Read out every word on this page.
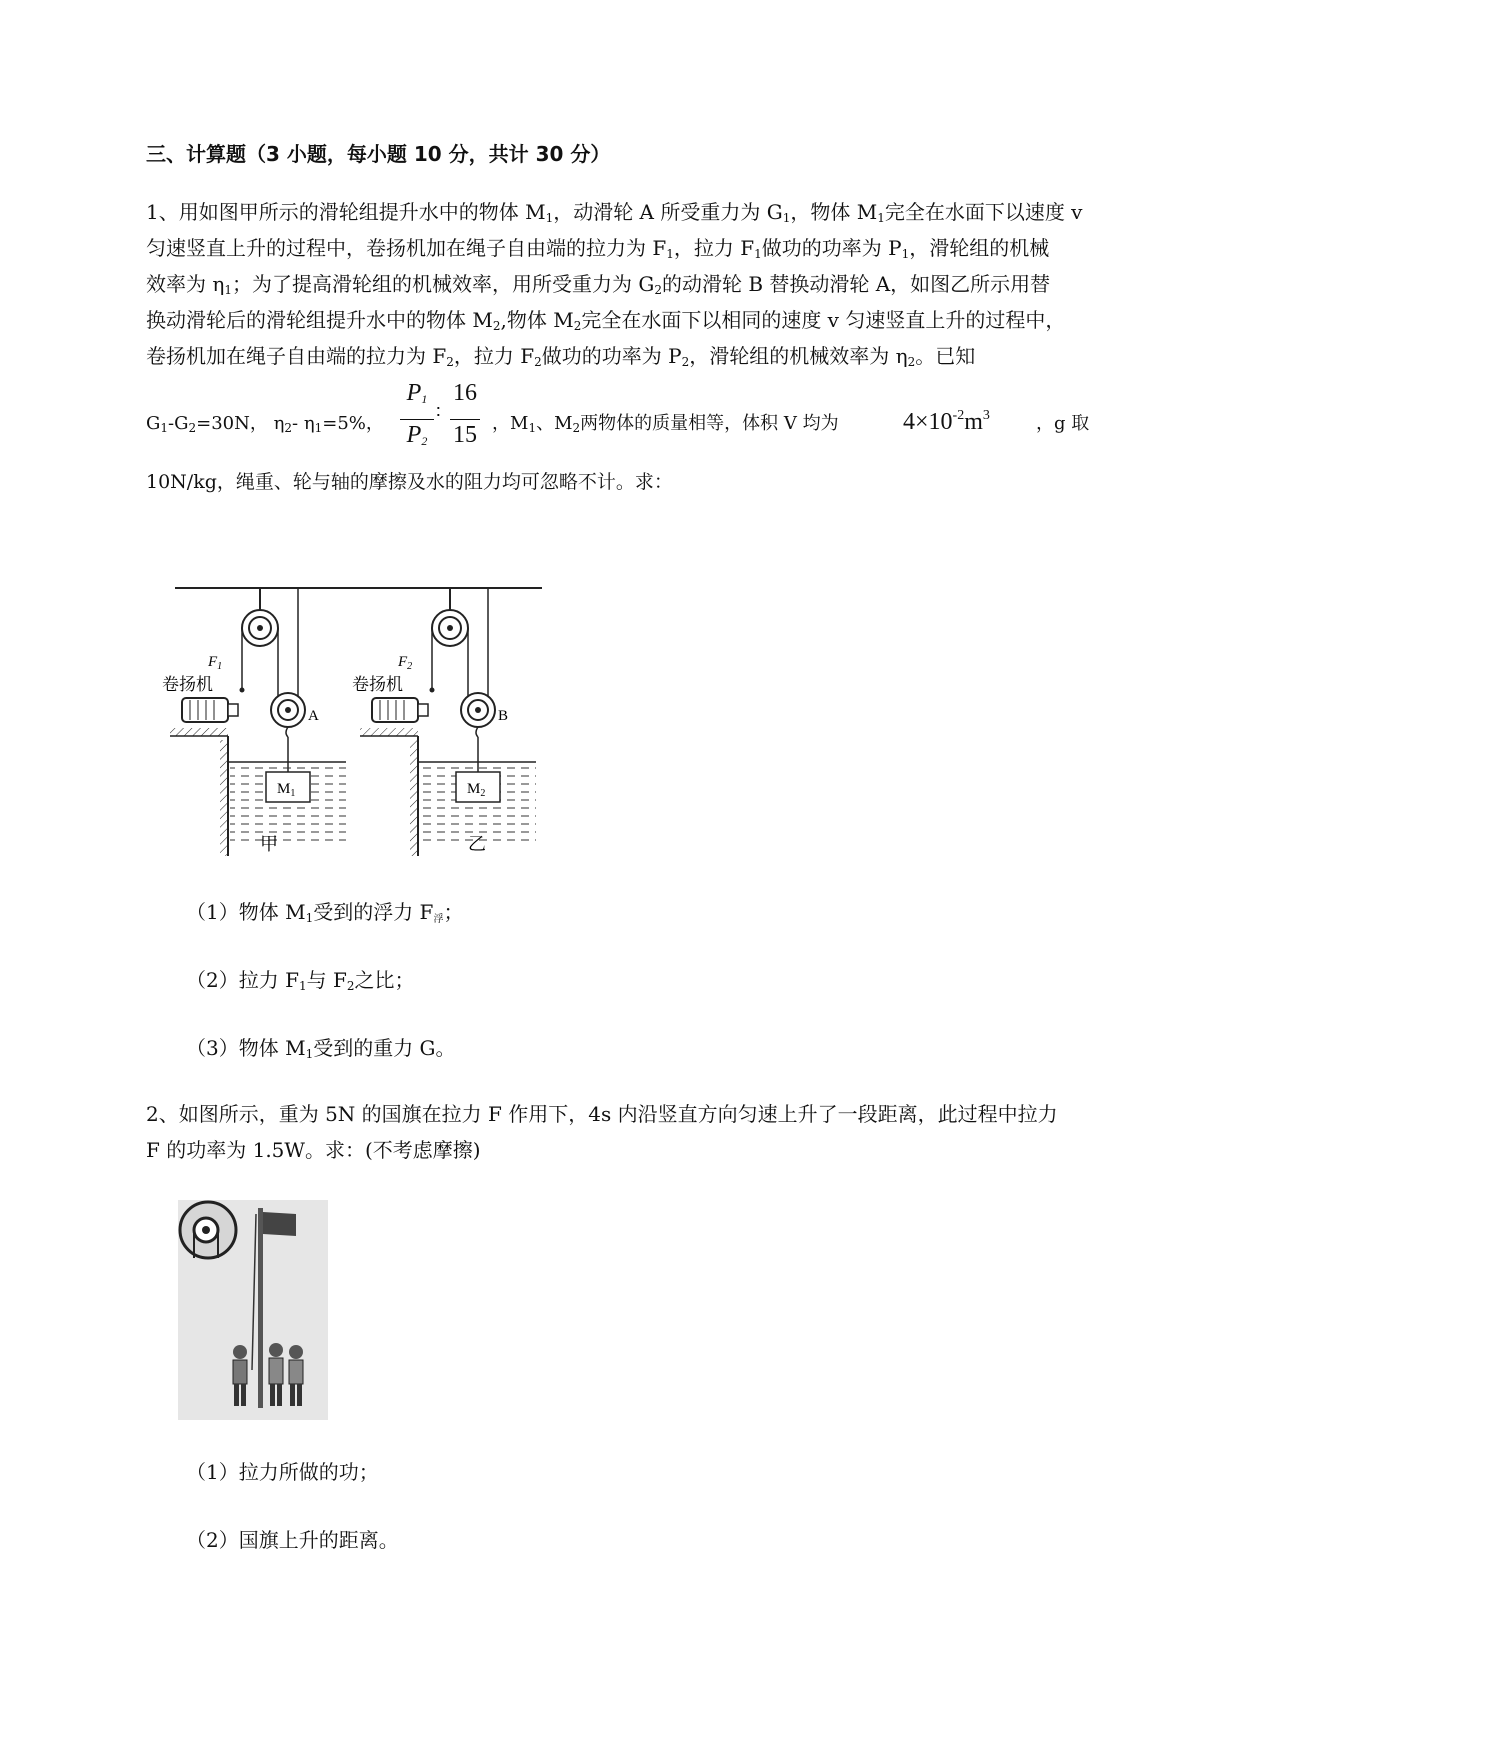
三、计算题（3 小题，每小题 10 分，共计 30 分）
1、用如图甲所示的滑轮组提升水中的物体 $M_1$，动滑轮 A 所受重力为 $G_1$，物体 $M_1$完全在水面下以速度 v
匀速竖直上升的过程中，卷扬机加在绳子自由端的拉力为 $F_1$，拉力 $F_1$做功的功率为 $P_1$，滑轮组的机械
效率为 $\eta_1$；为了提高滑轮组的机械效率，用所受重力为 $G_2$的动滑轮 B 替换动滑轮 A，如图乙所示用替
换动滑轮后的滑轮组提升水中的物体 $M_2$,物体 $M_2$完全在水面下以相同的速度 v 匀速竖直上升的过程中，
卷扬机加在绳子自由端的拉力为 $F_2$，拉力 $F_2$做功的功率为 $P_2$，滑轮组的机械效率为 $\eta_2$。已知
$G_1-G_2=30N$， $\eta_2-$ $\eta_1=5\%$，
$P_1$
$P_2$
∶
16
15 ，$M_1$、$M_2$两物体的质量相等，体积 V 均为	$4\times 10^{-2}m^3$	，g 取
10N/kg，绳重、轮与轴的摩擦及水的阻力均可忽略不计。求：
A
$F_1$
卷扬机
$M_1$
甲
B
$F_2$
卷扬机
$M_2$
乙
（1）物体 $M_1$受到的浮力 $F_浮$；
（2）拉力 $F_1$与 $F_2$之比；
（3）物体 $M_1$受到的重力 G。
2、如图所示，重为 5N 的国旗在拉力 F 作用下，4s 内沿竖直方向匀速上升了一段距离，此过程中拉力
F 的功率为 1.5W。求：(不考虑摩擦)
（1）拉力所做的功；
（2）国旗上升的距离。
